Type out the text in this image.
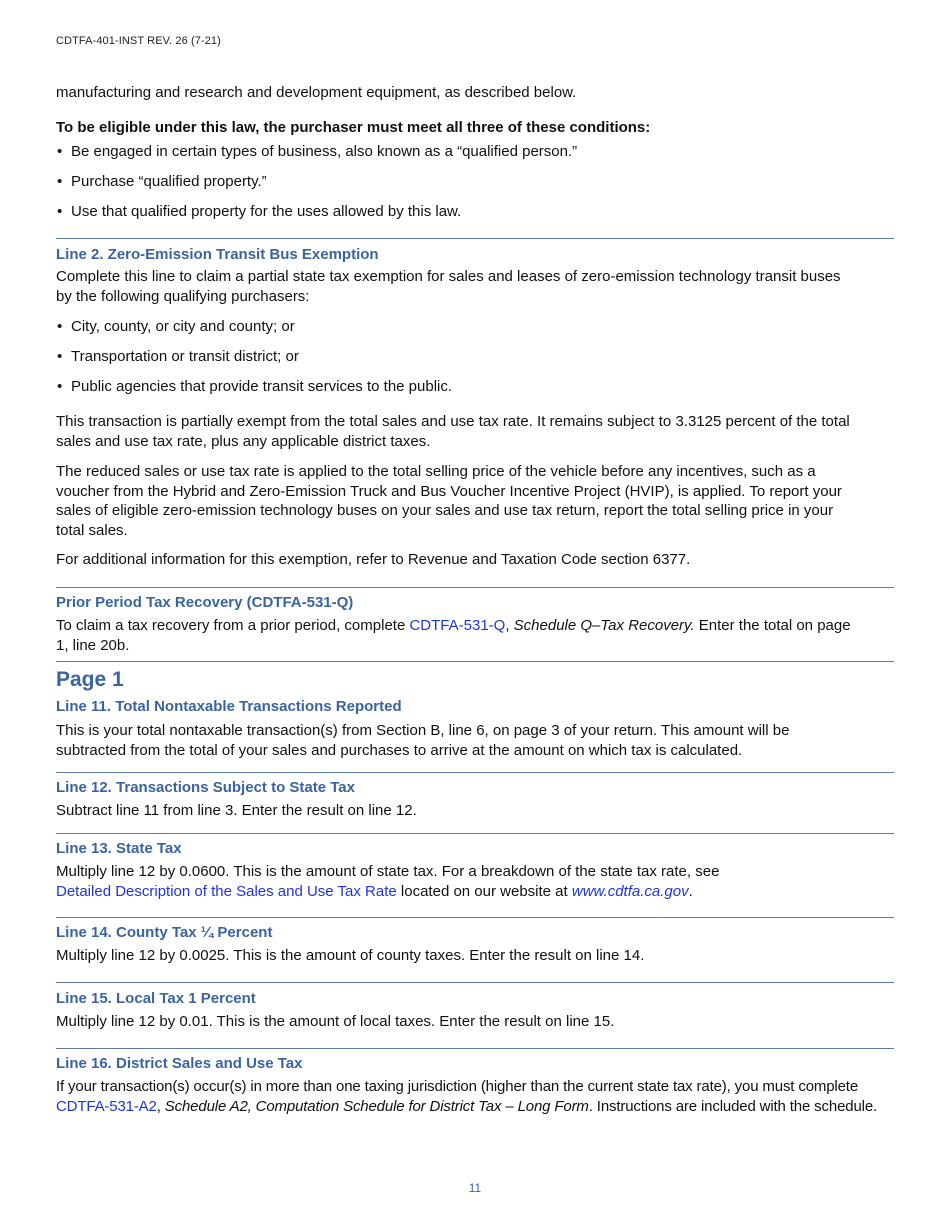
CDTFA-401-INST REV. 26 (7-21)

manufacturing and research and development equipment, as described below.

To be eligible under this law, the purchaser must meet all three of these conditions:

• Be engaged in certain types of business, also known as a “qualified person.”
• Purchase “qualified property.”
• Use that qualified property for the uses allowed by this law.
Line 2. Zero-Emission Transit Bus Exemption

Complete this line to claim a partial state tax exemption for sales and leases of zero-emission technology transit buses

by the following qualifying purchasers:

• City, county, or city and county; or
• Transportation or transit district; or
• Public agencies that provide transit services to the public.

This transaction is partially exempt from the total sales and use tax rate. It remains subject to 3.3125 percent of the total

sales and use tax rate, plus any applicable district taxes.

The reduced sales or use tax rate is applied to the total selling price of the vehicle before any incentives, such as a

voucher from the Hybrid and Zero-Emission Truck and Bus Voucher Incentive Project (HVIP), is applied. To report your

sales of eligible zero-emission technology buses on your sales and use tax return, report the total selling price in your

total sales.

For additional information for this exemption, refer to Revenue and Taxation Code section 6377.

Prior Period Tax Recovery (CDTFA-531-Q)

To claim a tax recovery from a prior period, complete CDTFA-531-Q, Schedule Q–Tax Recovery. Enter the total on page

1, line 20b.

Page 1
Line 11. Total Nontaxable Transactions Reported

This is your total nontaxable transaction(s) from Section B, line 6, on page 3 of your return. This amount will be

subtracted from the total of your sales and purchases to arrive at the amount on which tax is calculated.

Line 12. Transactions Subject to State Tax

Subtract line 11 from line 3. Enter the result on line 12.

Line 13. State Tax

Multiply line 12 by 0.0600. This is the amount of state tax. For a breakdown of the state tax rate, see

Detailed Description of the Sales and Use Tax Rate located on our website at www.cdtfa.ca.gov.

Line 14. County Tax ¼ Percent

Multiply line 12 by 0.0025. This is the amount of county taxes. Enter the result on line 14.

Line 15. Local Tax 1 Percent

Multiply line 12 by 0.01. This is the amount of local taxes. Enter the result on line 15.

Line 16. District Sales and Use Tax

If your transaction(s) occur(s) in more than one taxing jurisdiction (higher than the current state tax rate), you must complete

CDTFA-531-A2, Schedule A2, Computation Schedule for District Tax – Long Form. Instructions are included with the schedule.

11
